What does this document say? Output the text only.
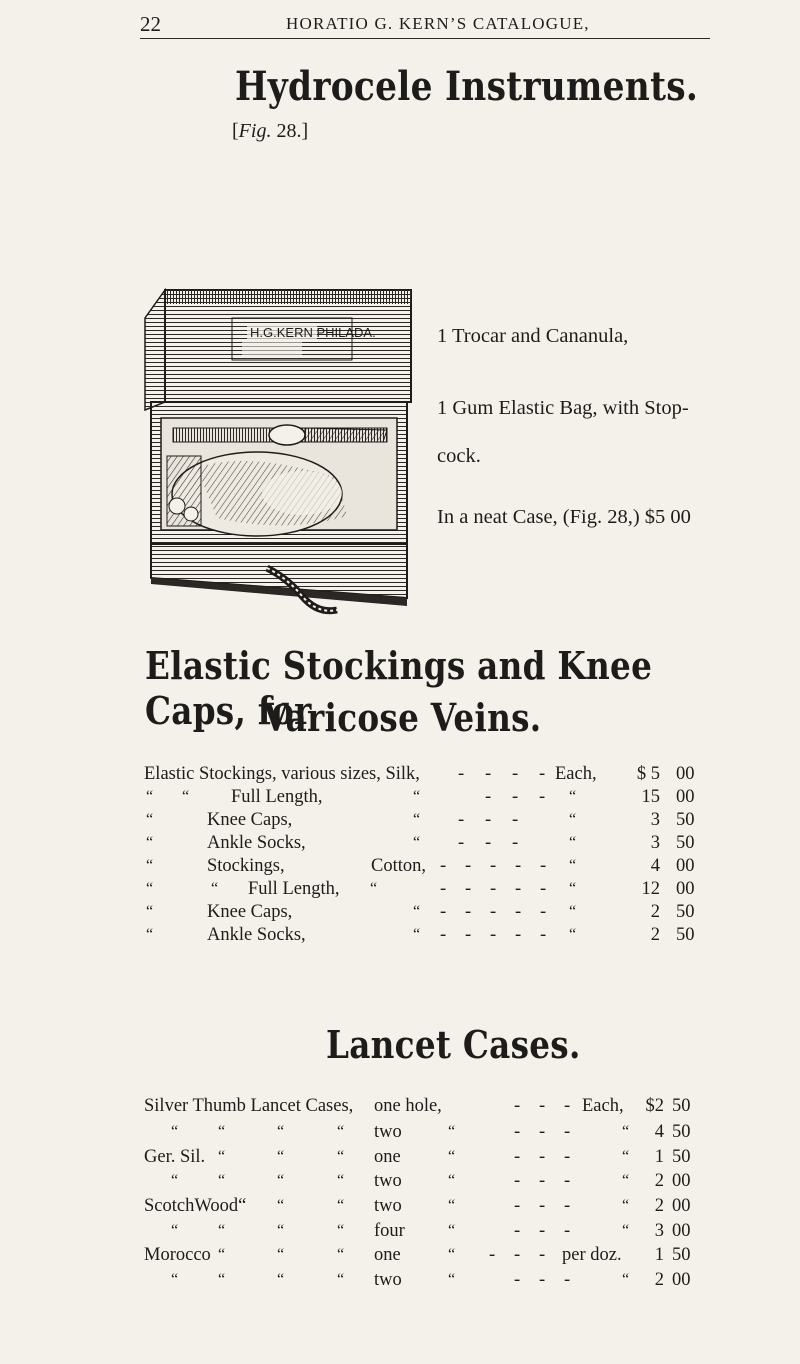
22	HORATIO G. KERN’S CATALOGUE,
Hydrocele Instruments.
[Fig. 28.]
H.G.KERN PHILADA.	1 Trocar and Cananula,
1 Gum Elastic Bag, with Stop-
cock.
In a neat Case, (Fig. 28,) $5 00
Elastic Stockings and Knee Caps, for
Varicose Veins.
Elastic Stockings, various sizes, Silk, - - - - Each,	$ 5 00
“ “ Full Length,	“	- - - “	15 00
“	Knee Caps,	“ - - -	“	3 50
“	Ankle Socks,	“ - - -	“	3 50
“	Stockings,	Cotton, - - - - - “	4 00
“	“ Full Length, “	- - - - - “	12 00
“	Knee Caps,	“ - - - - - “	2 50
“	Ankle Socks,	“ - - - - - “	2 50
Lancet Cases.
Silver Thumb Lancet Cases, one hole,	- - - Each,	$2 50
“ “	“	“ two	“	- - -	“	4 50
Ger. Sil. “	“	“ one	“	- - -	“	1 50
“ “	“	“ two	“	- - -	“	2 00
ScotchWood“ “	“ two	“	- - -	“	2 00
“ “	“	“ four	“	- - -	“	3 00
Morocco “	“	“ one	“ - - - per doz.	1 50
“ “	“	“ two	“	- - -	“	2 00
